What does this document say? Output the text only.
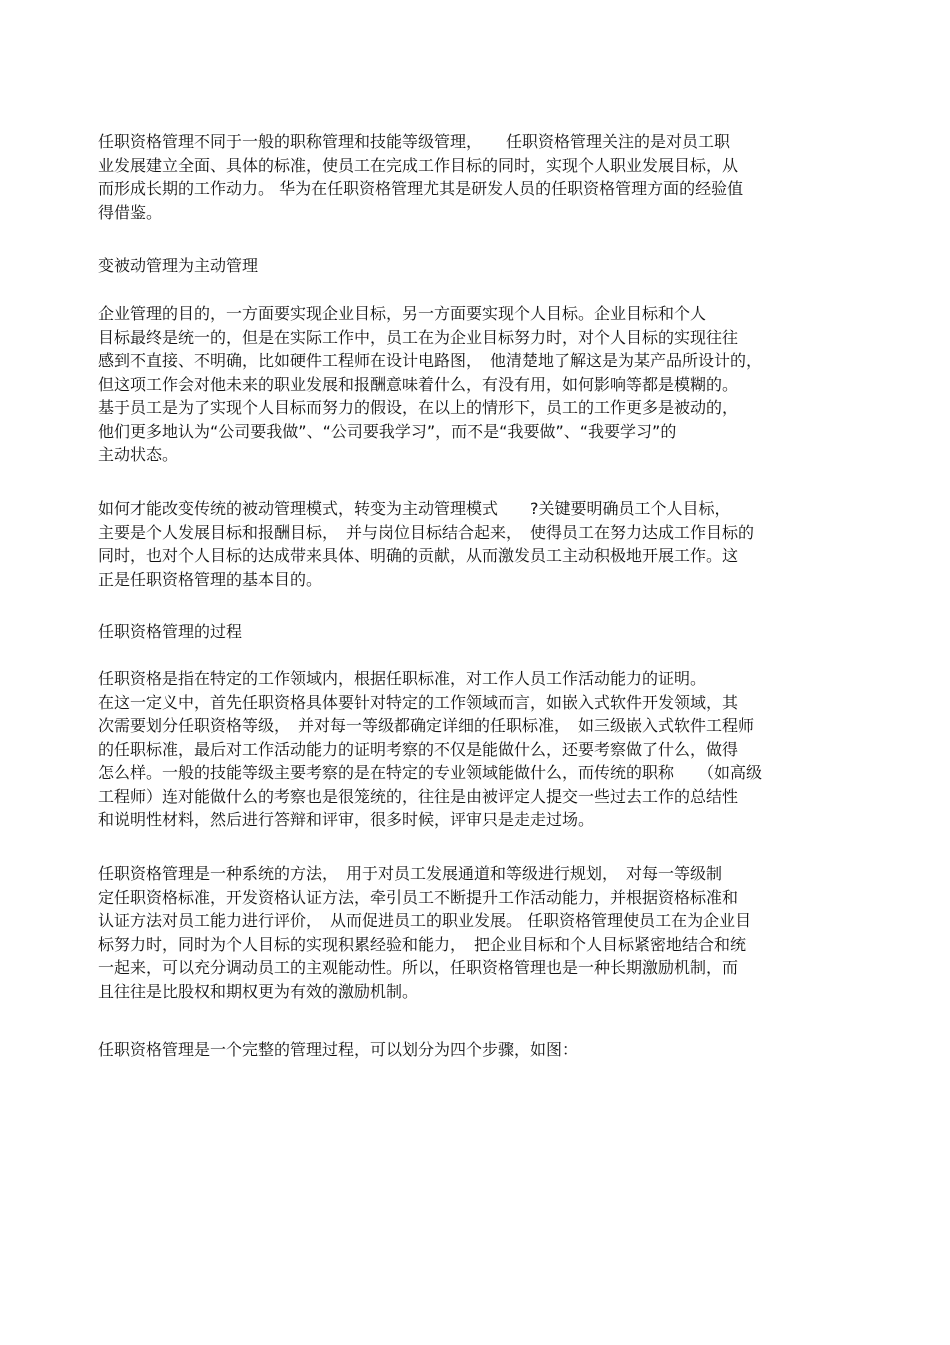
任职资格管理不同于一般的职称管理和技能等级管理，　　任职资格管理关注的是对员工职
业发展建立全面、具体的标准，使员工在完成工作目标的同时，实现个人职业发展目标，从
而形成长期的工作动力。 华为在任职资格管理尤其是研发人员的任职资格管理方面的经验值
得借鉴。
变被动管理为主动管理
企业管理的目的，一方面要实现企业目标，另一方面要实现个人目标。企业目标和个人
目标最终是统一的，但是在实际工作中，员工在为企业目标努力时，对个人目标的实现往往
感到不直接、不明确，比如硬件工程师在设计电路图，　他清楚地了解这是为某产品所设计的，
但这项工作会对他未来的职业发展和报酬意味着什么，有没有用，如何影响等都是模糊的。
基于员工是为了实现个人目标而努力的假设，在以上的情形下，员工的工作更多是被动的，
他们更多地认为“公司要我做”、“公司要我学习”，而不是“我要做”、“我要学习”的
主动状态。
如何才能改变传统的被动管理模式，转变为主动管理模式　　?关键要明确员工个人目标，
主要是个人发展目标和报酬目标，　并与岗位目标结合起来，　使得员工在努力达成工作目标的
同时，也对个人目标的达成带来具体、明确的贡献，从而激发员工主动积极地开展工作。这
正是任职资格管理的基本目的。
任职资格管理的过程
任职资格是指在特定的工作领域内，根据任职标准，对工作人员工作活动能力的证明。
在这一定义中，首先任职资格具体要针对特定的工作领域而言，如嵌入式软件开发领域，其
次需要划分任职资格等级，　并对每一等级都确定详细的任职标准，　如三级嵌入式软件工程师
的任职标准，最后对工作活动能力的证明考察的不仅是能做什么，还要考察做了什么，做得
怎么样。一般的技能等级主要考察的是在特定的专业领域能做什么，而传统的职称　　（如高级
工程师）连对能做什么的考察也是很笼统的，往往是由被评定人提交一些过去工作的总结性
和说明性材料，然后进行答辩和评审，很多时候，评审只是走走过场。
任职资格管理是一种系统的方法，　用于对员工发展通道和等级进行规划，　对每一等级制
定任职资格标准，开发资格认证方法，牵引员工不断提升工作活动能力，并根据资格标准和
认证方法对员工能力进行评价，　从而促进员工的职业发展。 任职资格管理使员工在为企业目
标努力时，同时为个人目标的实现积累经验和能力，　把企业目标和个人目标紧密地结合和统
一起来，可以充分调动员工的主观能动性。所以，任职资格管理也是一种长期激励机制，而
且往往是比股权和期权更为有效的激励机制。
任职资格管理是一个完整的管理过程，可以划分为四个步骤，如图：
